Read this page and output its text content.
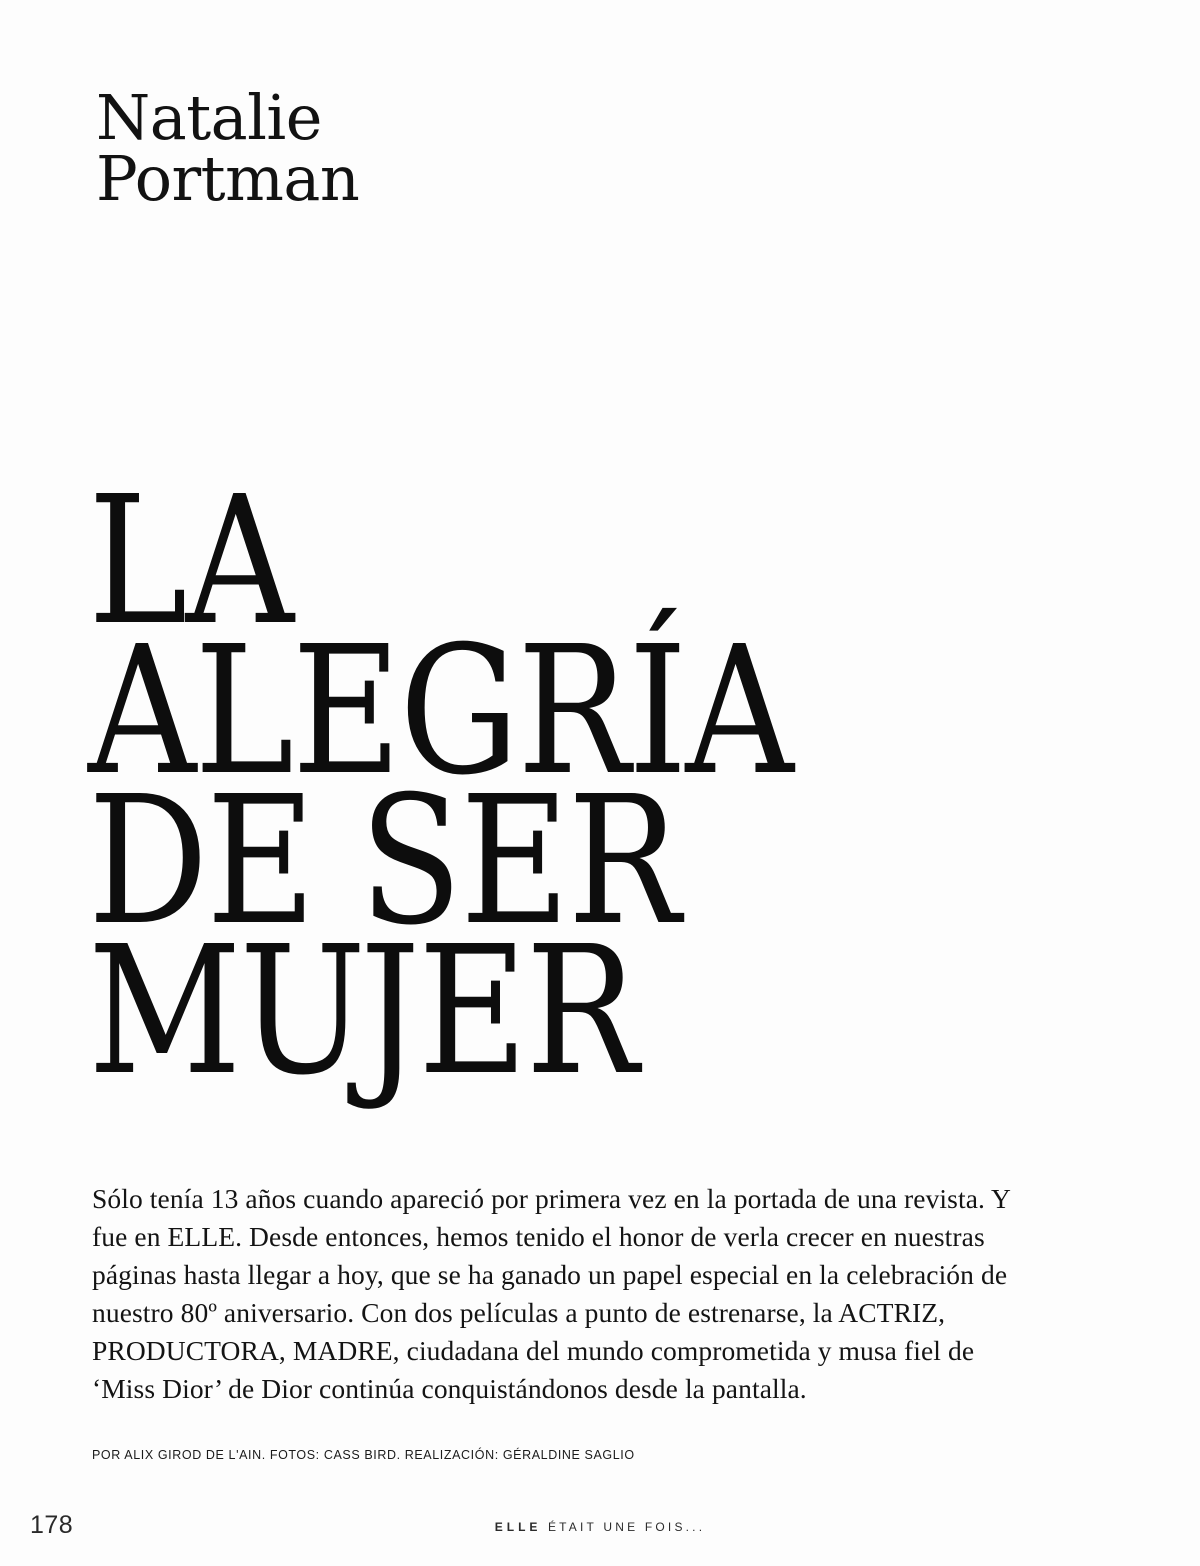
Natalie
Portman
LA
ALEGRÍA
DE SER
MUJER

Sólo tenía 13 años cuando apareció por primera vez en la portada de una revista. Y fue en ELLE. Desde entonces, hemos tenido el honor de verla crecer en nuestras páginas hasta llegar a hoy, que se ha ganado un papel especial en la celebración de nuestro 80º aniversario. Con dos películas a punto de estrenarse, la ACTRIZ, PRODUCTORA, MADRE, ciudadana del mundo comprometida y musa fiel de ‘Miss Dior’ de Dior continúa conquistándonos desde la pantalla.

POR ALIX GIROD DE L'AIN. FOTOS: CASS BIRD. REALIZACIÓN: GÉRALDINE SAGLIO
178	ELLE ÉTAIT UNE FOIS...
